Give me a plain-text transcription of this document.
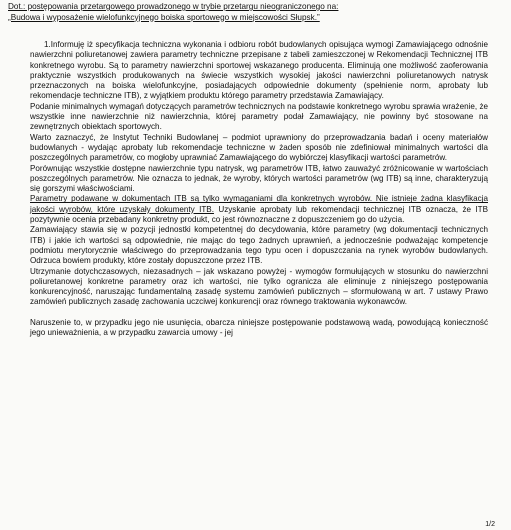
Dot.: postępowania przetargowego prowadzonego w trybie przetargu nieograniczonego na:
„Budowa i wyposażenie wielofunkcyjnego boiska sportowego w miejscowości Słupsk.”

1.Informuję iż specyfikacja techniczna wykonania i odbioru robót budowlanych opisująca wymogi Zamawiającego odnośnie nawierzchni poliuretanowej zawiera parametry techniczne przepisane z tabeli zamieszczonej w Rekomendacji Technicznej ITB konkretnego wyrobu. Są to parametry nawierzchni sportowej wskazanego producenta. Eliminują one możliwość zaoferowania praktycznie wszystkich produkowanych na świecie wszystkich wysokiej jakości nawierzchni poliuretanowych natrysk przeznaczonych na boiska wielofunkcyjne, posiadających odpowiednie dokumenty (spełnienie norm, aprobaty lub rekomendacje techniczne ITB), z wyjątkiem produktu którego parametry przedstawia Zamawiający.

Podanie minimalnych wymagań dotyczących parametrów technicznych na podstawie konkretnego wyrobu sprawia wrażenie, że wszystkie inne nawierzchnie niż nawierzchnia, której parametry podał Zamawiający, nie powinny być stosowane na zewnętrznych obiektach sportowych.

Warto zaznaczyć, że Instytut Techniki Budowlanej – podmiot uprawniony do przeprowadzania badań i oceny materiałów budowlanych - wydając aprobaty lub rekomendacje techniczne w żaden sposób nie zdefiniował minimalnych wartości dla poszczególnych parametrów, co mogłoby uprawniać Zamawiającego do wybiórczej klasyfikacji wartości parametrów.

Porównując wszystkie dostępne nawierzchnie typu natrysk, wg parametrów ITB, łatwo zauważyć zróżnicowanie w wartościach poszczególnych parametrów. Nie oznacza to jednak, że wyroby, których wartości parametrów (wg ITB) są inne, charakteryzują się gorszymi właściwościami.

Parametry podawane w dokumentach ITB są tylko wymaganiami dla konkretnych wyrobów. Nie istnieje żadna klasyfikacja jakości wyrobów, które uzyskały dokumenty ITB. Uzyskanie aprobaty lub rekomendacji technicznej ITB oznacza, że ITB pozytywnie ocenia przebadany konkretny produkt, co jest równoznaczne z dopuszczeniem go do użycia.

Zamawiający stawia się w pozycji jednostki kompetentnej do decydowania, które parametry (wg dokumentacji technicznych ITB) i jakie ich wartości są odpowiednie, nie mając do tego żadnych uprawnień, a jednocześnie podważając kompetencje podmiotu merytorycznie właściwego do przeprowadzania tego typu ocen i dopuszczania na rynek wyrobów budowlanych. Odrzuca bowiem produkty, które zostały dopuszczone przez ITB.

Utrzymanie dotychczasowych, niezasadnych – jak wskazano powyżej - wymogów formułujących w stosunku do nawierzchni poliuretanowej konkretne parametry oraz ich wartości, nie tylko ogranicza ale eliminuje z niniejszego postępowania konkurencyjność, naruszając fundamentalną zasadę systemu zamówień publicznych – sformułowaną w art. 7 ustawy Prawo zamówień publicznych zasadę zachowania uczciwej konkurencji oraz równego traktowania wykonawców.

Naruszenie to, w przypadku jego nie usunięcia, obarcza niniejsze postępowanie podstawową wadą, powodującą konieczność jego unieważnienia, a w przypadku zawarcia umowy - jej

1/2
